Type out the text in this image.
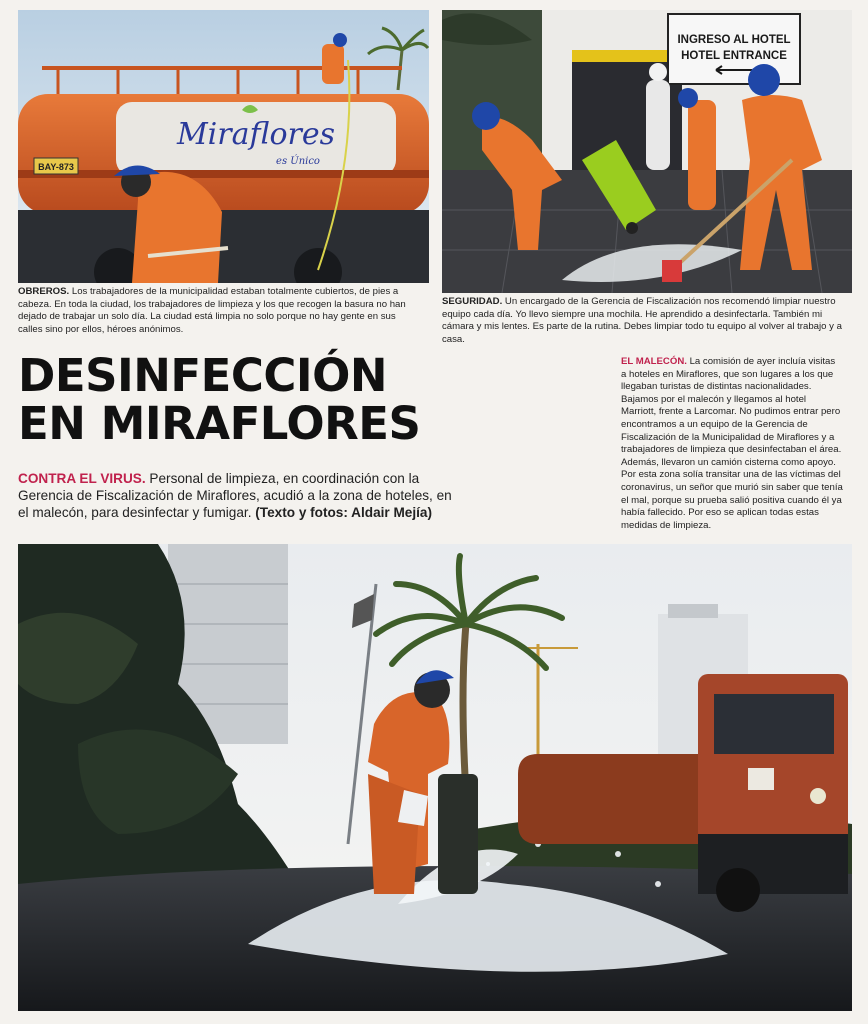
BAY-873
Miraflores
es Único
OBREROS. Los trabajadores de la municipalidad estaban totalmente cubiertos, de pies a cabeza. En toda la ciudad, los trabajadores de limpieza y los que recogen la basura no han dejado de trabajar un solo día. La ciudad está limpia no solo porque no hay gente en sus calles sino por ellos, héroes anónimos.
INGRESO AL HOTEL
HOTEL ENTRANCE
SEGURIDAD. Un encargado de la Gerencia de Fiscalización nos recomendó limpiar nuestro equipo cada día. Yo llevo siempre una mochila. He aprendido a desinfectarla. También mi cámara y mis lentes. Es parte de la rutina. Debes limpiar todo tu equipo al volver al trabajo y a casa.
DESINFECCIÓN
EN MIRAFLORES
CONTRA EL VIRUS. Personal de limpieza, en coordinación con la Gerencia de Fiscalización de Miraflores, acudió a la zona de hoteles, en el malecón, para desinfectar y fumigar. (Texto y fotos: Aldair Mejía)
EL MALECÓN. La comisión de ayer incluía visitas a hoteles en Miraflores, que son lugares a los que llegaban turistas de distintas nacionalidades. Bajamos por el malecón y llegamos al hotel Marriott, frente a Larcomar. No pudimos entrar pero encontramos a un equipo de la Gerencia de Fiscalización de la Municipalidad de Miraflores y a trabajadores de limpieza que desinfectaban el área. Además, llevaron un camión cisterna como apoyo. Por esta zona solía transitar una de las víctimas del coronavirus, un señor que murió sin saber que tenía el mal, porque su prueba salió positiva cuando él ya había fallecido. Por eso se aplican todas estas medidas de limpieza.
